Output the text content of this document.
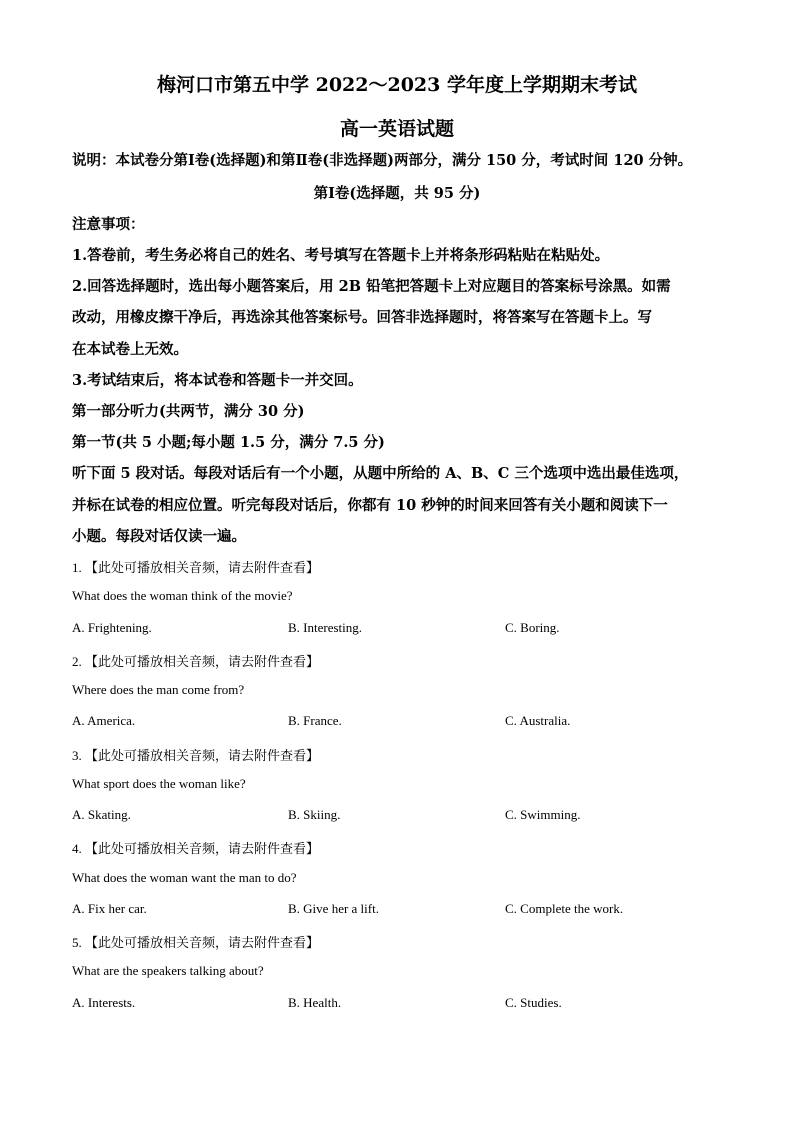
梅河口市第五中学 2022～2023 学年度上学期期末考试
高一英语试题
说明：本试卷分第Ⅰ卷(选择题)和第Ⅱ卷(非选择题)两部分，满分 150 分，考试时间 120 分钟。
第Ⅰ卷(选择题，共 95 分)
注意事项：
1.答卷前，考生务必将自己的姓名、考号填写在答题卡上并将条形码粘贴在粘贴处。
2.回答选择题时，选出每小题答案后，用 2B 铅笔把答题卡上对应题目的答案标号涂黑。如需
改动，用橡皮擦干净后，再选涂其他答案标号。回答非选择题时，将答案写在答题卡上。写
在本试卷上无效。
3.考试结束后，将本试卷和答题卡一并交回。
第一部分听力(共两节，满分 30 分)
第一节(共 5 小题;每小题 1.5 分，满分 7.5 分)
听下面 5 段对话。每段对话后有一个小题，从题中所给的 A、B、C 三个选项中选出最佳选项，
并标在试卷的相应位置。听完每段对话后，你都有 10 秒钟的时间来回答有关小题和阅读下一
小题。每段对话仅读一遍。
1. 【此处可播放相关音频，请去附件查看】
What does the woman think of the movie?
A. Frightening.	B. Interesting.	C. Boring.
2. 【此处可播放相关音频，请去附件查看】
Where does the man come from?
A. America.	B. France.	C. Australia.
3. 【此处可播放相关音频，请去附件查看】
What sport does the woman like?
A. Skating.	B. Skiing.	C. Swimming.
4. 【此处可播放相关音频，请去附件查看】
What does the woman want the man to do?
A. Fix her car.	B. Give her a lift.	C. Complete the work.
5. 【此处可播放相关音频，请去附件查看】
What are the speakers talking about?
A. Interests.	B. Health.	C. Studies.
